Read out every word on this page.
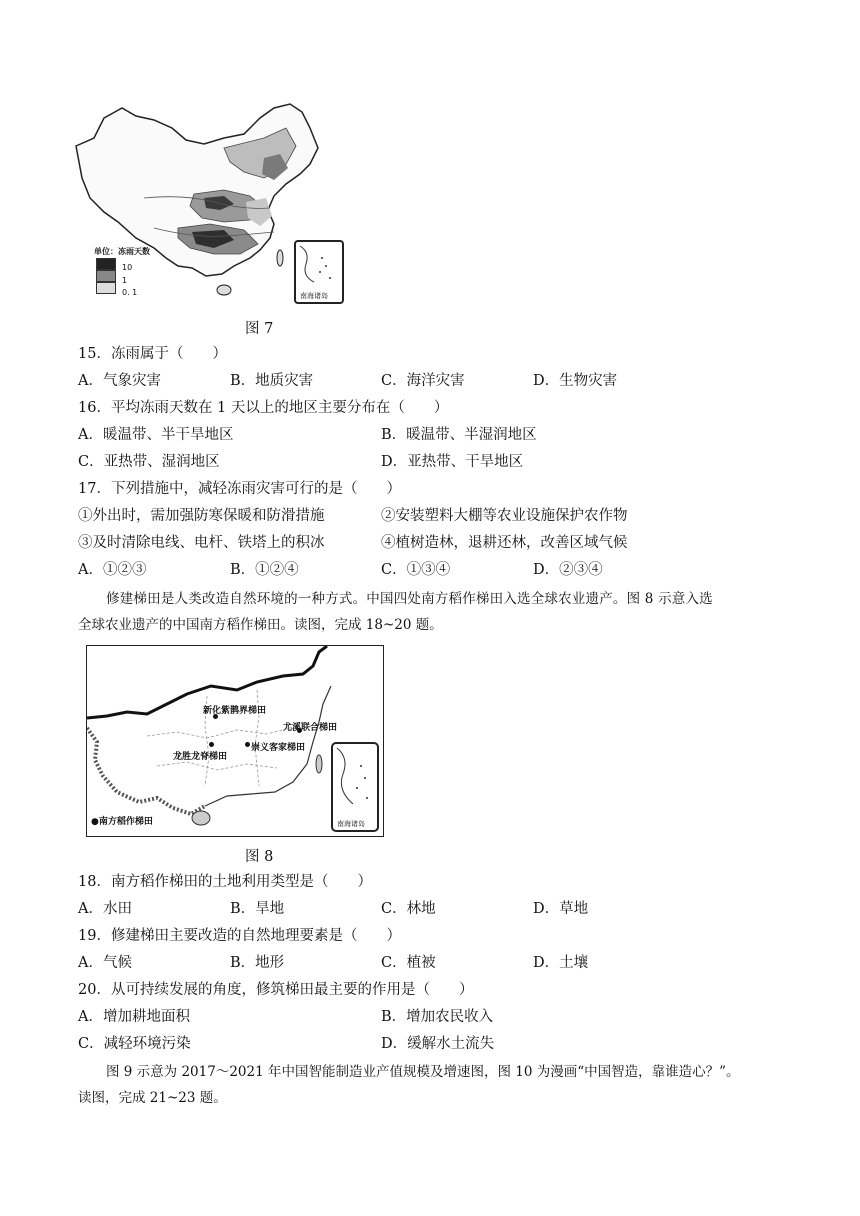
单位：冻雨天数
10
1
0. 1	南海诸岛
图 7
15．冻雨属于（　　）
A．气象灾害	B．地质灾害	C．海洋灾害	D．生物灾害
16．平均冻雨天数在 1 天以上的地区主要分布在（　　）
A．暖温带、半干旱地区	B．暖温带、半湿润地区
C．亚热带、湿润地区	D．亚热带、干旱地区
17．下列措施中，减轻冻雨灾害可行的是（　　）
①外出时，需加强防寒保暖和防滑措施	②安装塑料大棚等农业设施保护农作物
③及时清除电线、电杆、铁塔上的积冰	④植树造林，退耕还林，改善区域气候
A．①②③	B．①②④	C．①③④	D．②③④
修建梯田是人类改造自然环境的一种方式。中国四处南方稻作梯田入选全球农业遗产。图 8 示意入选
全球农业遗产的中国南方稻作梯田。读图，完成 18~20 题。
新化紫鹊界梯田
尤溪联合梯田
龙胜龙脊梯田
崇义客家梯田
●南方稻作梯田	南海诸岛
图 8
18．南方稻作梯田的土地利用类型是（　　）
A．水田	B．旱地	C．林地	D．草地
19．修建梯田主要改造的自然地理要素是（　　）
A．气候	B．地形	C．植被	D．土壤
20．从可持续发展的角度，修筑梯田最主要的作用是（　　）
A．增加耕地面积	B．增加农民收入
C．减轻环境污染	D．缓解水土流失
图 9 示意为 2017～2021 年中国智能制造业产值规模及增速图，图 10 为漫画“中国智造，靠谁造心？”。
读图，完成 21~23 题。
